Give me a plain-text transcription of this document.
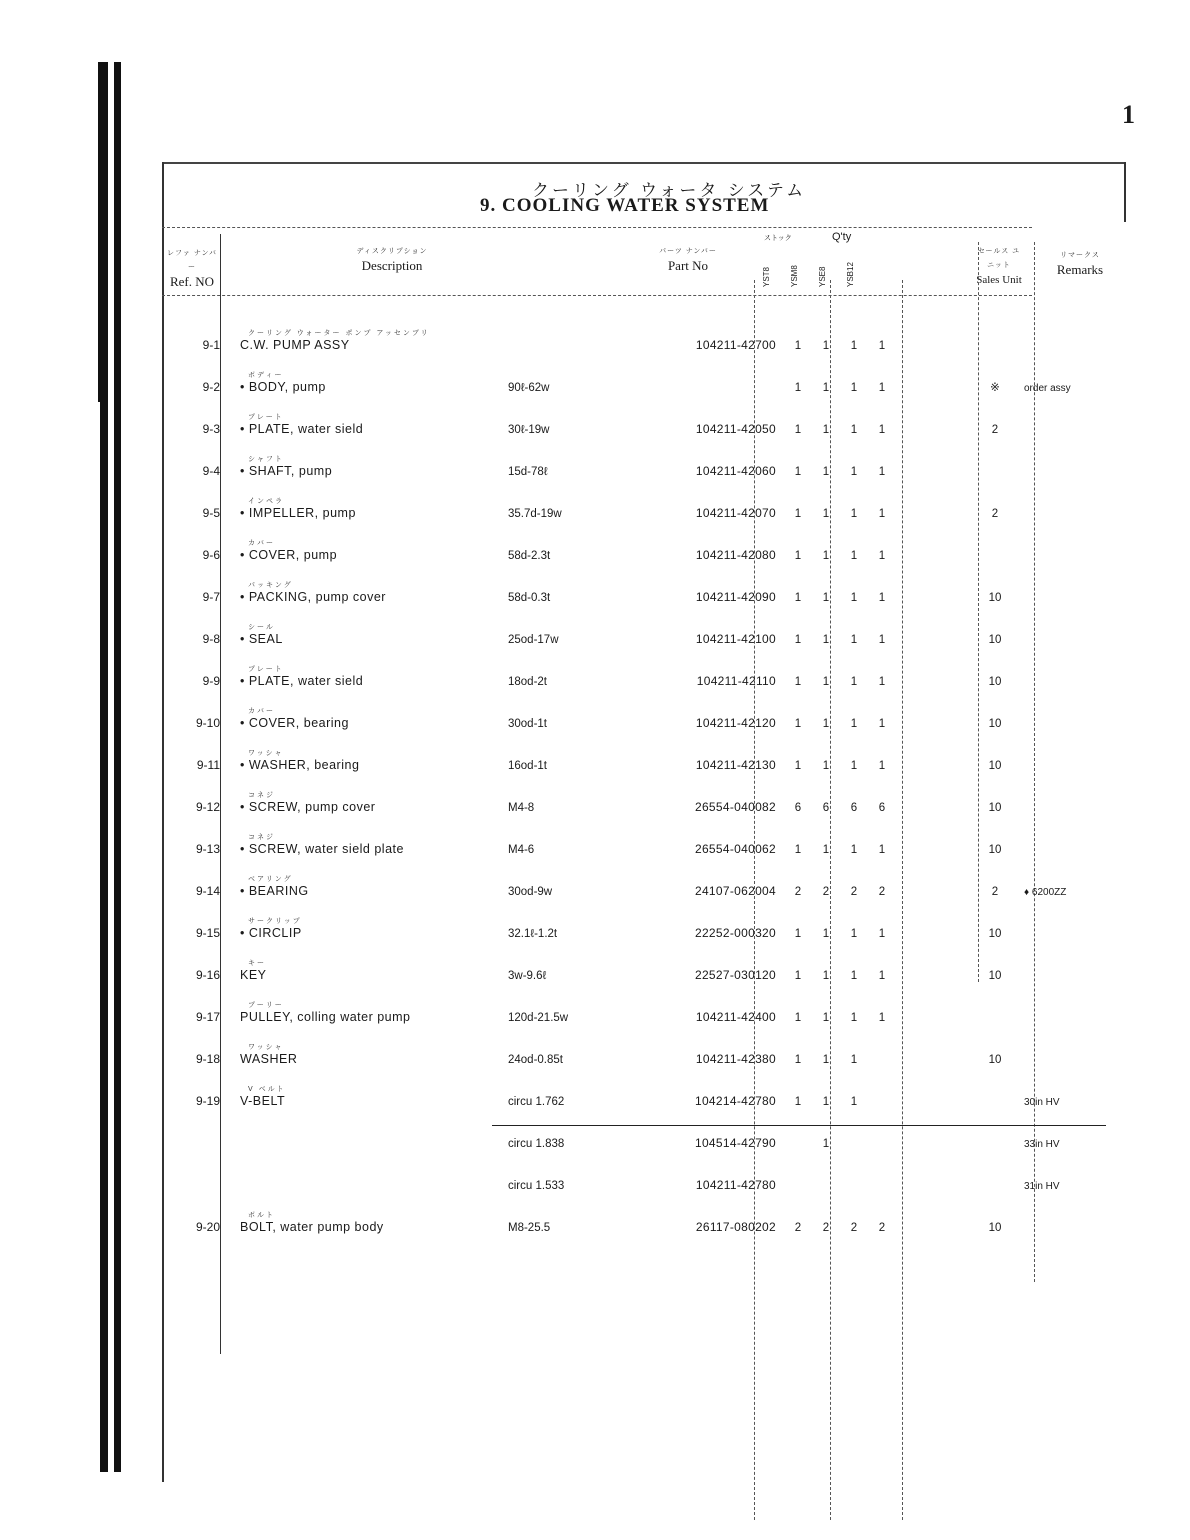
1
クーリング ウォータ システム
9. COOLING WATER SYSTEM
レファ ナンバー
Ref. NO
ディスクリプション
Description
パーツ ナンバー
Part No
ストック	Q'ty
YST8 YSM8 YSE8 YSB12
セールス ユニット
Sales Unit
リマークス
Remarks
9-1	クーリング ウォーター ポンプ アッセンブリ
C.W. PUMP ASSY		104211-42700	1	1	1	1			
9-2	ボディー
• BODY, pump	90ℓ-62w		1	1	1	1		※	order assy
9-3	プレート
• PLATE, water sield	30ℓ-19w	104211-42050	1	1	1	1		2	
9-4	シャフト
• SHAFT, pump	15d-78ℓ	104211-42060	1	1	1	1			
9-5	インペラ
• IMPELLER, pump	35.7d-19w	104211-42070	1	1	1	1		2	
9-6	カバー
• COVER, pump	58d-2.3t	104211-42080	1	1	1	1			
9-7	パッキング
• PACKING, pump cover	58d-0.3t	104211-42090	1	1	1	1		10	
9-8	シール
• SEAL	25od-17w	104211-42100	1	1	1	1		10	
9-9	プレート
• PLATE, water sield	18od-2t	104211-42110	1	1	1	1		10	
9-10	カバー
• COVER, bearing	30od-1t	104211-42120	1	1	1	1		10	
9-11	ワッシャ
• WASHER, bearing	16od-1t	104211-42130	1	1	1	1		10	
9-12	コネジ
• SCREW, pump cover	M4-8	26554-040082	6	6	6	6		10	
9-13	コネジ
• SCREW, water sield plate	M4-6	26554-040062	1	1	1	1		10	
9-14	ベアリング
• BEARING	30od-9w	24107-062004	2	2	2	2		2	♦ 6200ZZ
9-15	サークリップ
• CIRCLIP	32.1ℓ-1.2t	22252-000320	1	1	1	1		10	
9-16	キー
KEY	3w-9.6ℓ	22527-030120	1	1	1	1		10	
9-17	プーリー
PULLEY, colling water pump	120d-21.5w	104211-42400	1	1	1	1			
9-18	ワッシャ
WASHER	24od-0.85t	104211-42380	1	1	1			10	
9-19	V ベルト
V-BELT	circu 1.762	104214-42780	1	1	1				30in HV

	circu 1.838	104514-42790		1					33in HV

	circu 1.533	104211-42780							31in HV
9-20	ボルト
BOLT, water pump body	M8-25.5	26117-080202	2	2	2	2		10	
